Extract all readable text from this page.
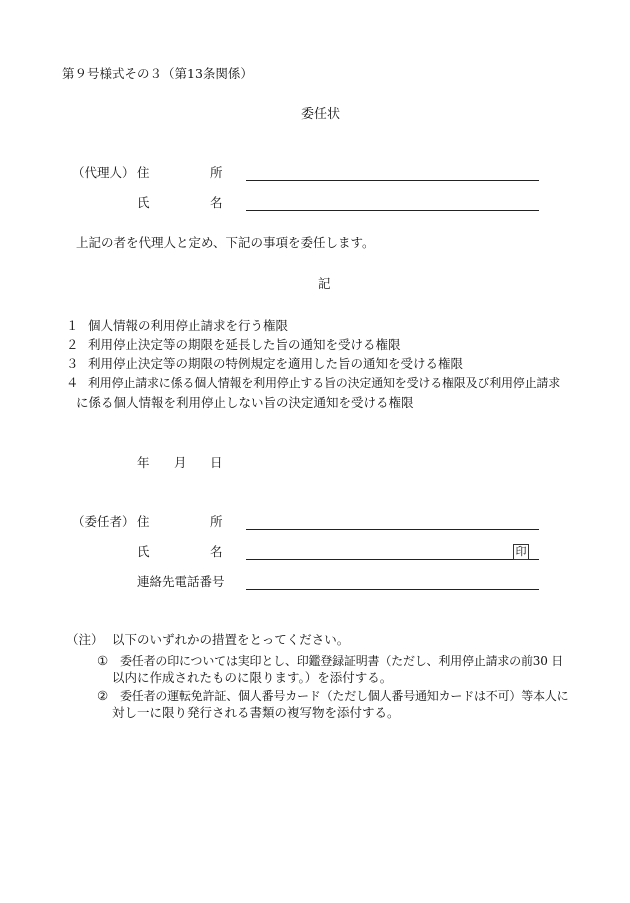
第９号様式その３（第13条関係）
委任状
（代理人） 住	所
氏	名
上記の者を代理人と定め、下記の事項を委任します。
記
１ 個人情報の利用停止請求を行う権限
２ 利用停止決定等の期限を延長した旨の通知を受ける権限
３ 利用停止決定等の期限の特例規定を適用した旨の通知を受ける権限
４ 利用停止請求に係る個人情報を利用停止する旨の決定通知を受ける権限及び利用停止請求
に係る個人情報を利用停止しない旨の決定通知を受ける権限
年 月 日
（委任者） 住	所
氏	名	印
連絡先電話番号
（注） 以下のいずれかの措置をとってください。
① 委任者の印については実印とし、印鑑登録証明書（ただし、利用停止請求の前30 日
以内に作成されたものに限ります。）を添付する。
② 委任者の運転免許証、個人番号カード（ただし個人番号通知カードは不可）等本人に
対し一に限り発行される書類の複写物を添付する。
